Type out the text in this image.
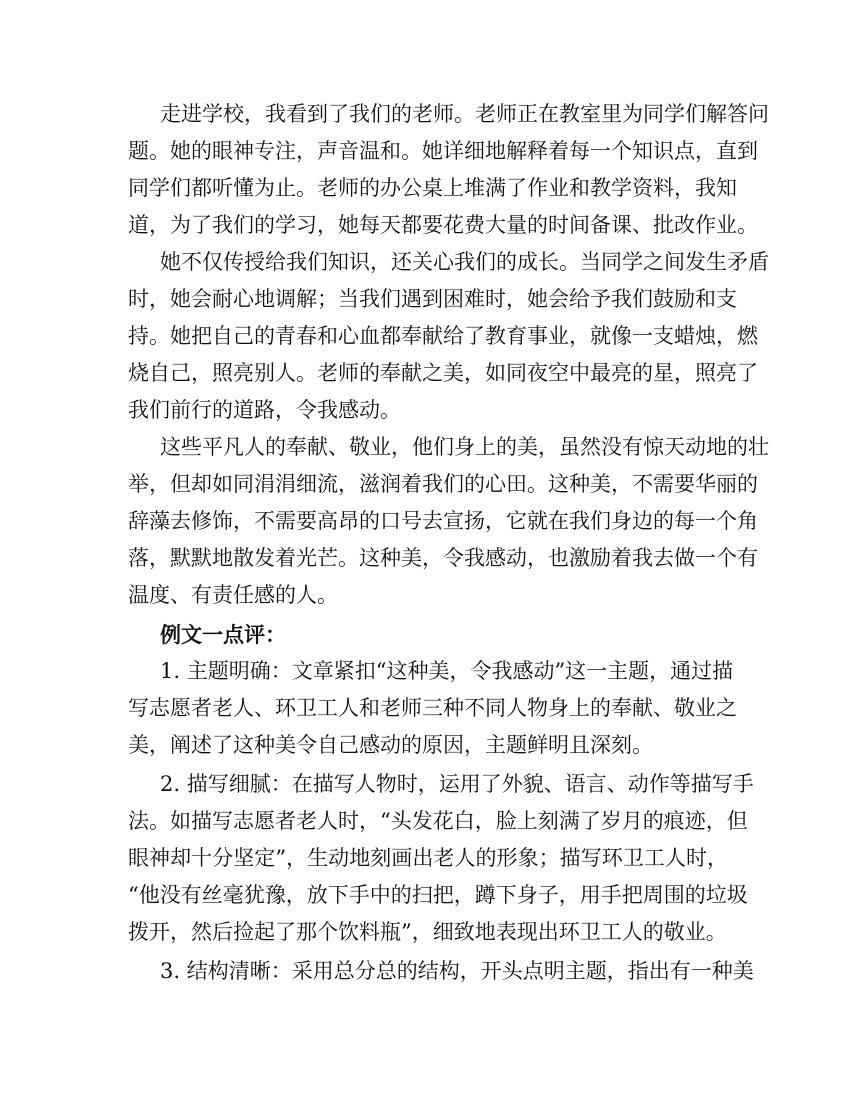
走进学校，我看到了我们的老师。老师正在教室里为同学们解答问
题。她的眼神专注，声音温和。她详细地解释着每一个知识点，直到
同学们都听懂为止。老师的办公桌上堆满了作业和教学资料，我知
道，为了我们的学习，她每天都要花费大量的时间备课、批改作业。
她不仅传授给我们知识，还关心我们的成长。当同学之间发生矛盾
时，她会耐心地调解；当我们遇到困难时，她会给予我们鼓励和支
持。她把自己的青春和心血都奉献给了教育事业，就像一支蜡烛，燃
烧自己，照亮别人。老师的奉献之美，如同夜空中最亮的星，照亮了
我们前行的道路，令我感动。
这些平凡人的奉献、敬业，他们身上的美，虽然没有惊天动地的壮
举，但却如同涓涓细流，滋润着我们的心田。这种美，不需要华丽的
辞藻去修饰，不需要高昂的口号去宣扬，它就在我们身边的每一个角
落，默默地散发着光芒。这种美，令我感动，也激励着我去做一个有
温度、有责任感的人。
例文一点评：
1. 主题明确：文章紧扣“这种美，令我感动”这一主题，通过描
写志愿者老人、环卫工人和老师三种不同人物身上的奉献、敬业之
美，阐述了这种美令自己感动的原因，主题鲜明且深刻。
2. 描写细腻：在描写人物时，运用了外貌、语言、动作等描写手
法。如描写志愿者老人时，“头发花白，脸上刻满了岁月的痕迹，但
眼神却十分坚定”，生动地刻画出老人的形象；描写环卫工人时，
“他没有丝毫犹豫，放下手中的扫把，蹲下身子，用手把周围的垃圾
拨开，然后捡起了那个饮料瓶”，细致地表现出环卫工人的敬业。
3. 结构清晰：采用总分总的结构，开头点明主题，指出有一种美
